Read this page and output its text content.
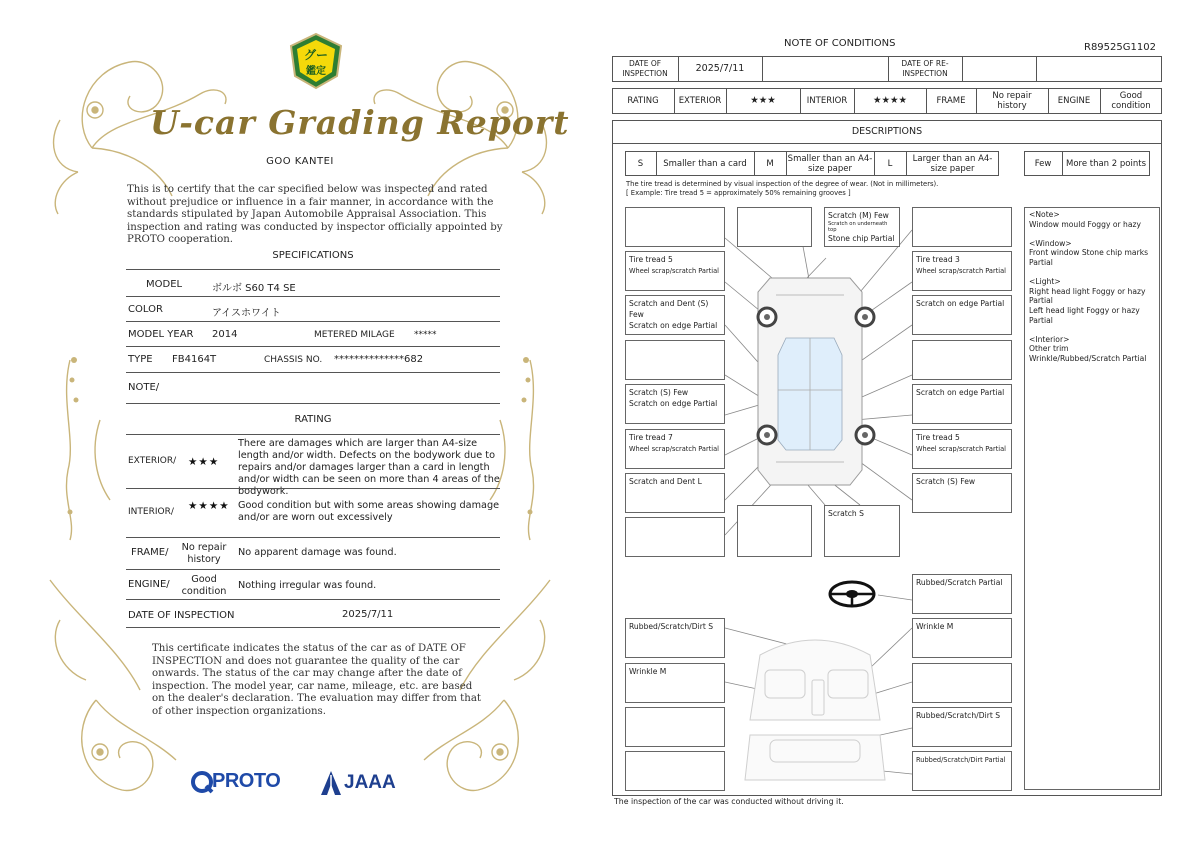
グー
鑑定
U-car Grading Report
GOO KANTEI
This is to certify that the car specified below was inspected and rated without prejudice or influence in a fair manner, in accordance with the standards stipulated by Japan Automobile Appraisal Association. This inspection and rating was conducted by inspector officially appointed by PROTO cooperation.
SPECIFICATIONS
MODEL	ボルボ S60 T4 SE
COLOR	アイスホワイト
MODEL YEAR 2014	METERED MILAGE *****
TYPE FB4164T	CHASSIS NO. **************682
NOTE/
RATING
EXTERIOR/ ★★★
There are damages which are larger than A4-size length and/or width. Defects on the bodywork due to repairs and/or damages larger than a card in length and/or width can be seen on more than 4 areas of the bodywork.
INTERIOR/ ★★★★ Good condition but with some areas showing damage and/or are worn out excessively
FRAME/	No repair history
No apparent damage was found.
ENGINE/	Good condition
Nothing irregular was found.
DATE OF INSPECTION	2025/7/11
This certificate indicates the status of the car as of DATE OF INSPECTION and does not guarantee the quality of the car onwards. The status of the car may change after the date of inspection. The model year, car name, mileage, etc. are based on the dealer's declaration. The evaluation may differ from that of other inspection organizations.
PROTO	JAAA
NOTE OF CONDITIONS	R89525G1102
DATE OF INSPECTION	2025/7/11	DATE OF RE-INSPECTION
RATING	EXTERIOR	★★★	INTERIOR	★★★★	FRAME	No repair history	ENGINE	Good condition
DESCRIPTIONS
S	Smaller than a card	M	Smaller than an A4-size paper	L	Larger than an A4-size paper	Few	More than 2 points
The tire tread is determined by visual inspection of the degree of wear. (Not in millimeters).
[ Example: Tire tread 5 = approximately 50% remaining grooves ]
Scratch (M) Few
Scratch on underneath top
Stone chip Partial
Tire tread 5
Wheel scrap/scratch Partial
Tire tread 3
Wheel scrap/scratch Partial
Scratch and Dent (S) Few
Scratch on edge Partial
Scratch on edge Partial
Scratch (S) Few
Scratch on edge Partial
Scratch on edge Partial
Tire tread 7
Wheel scrap/scratch Partial
Tire tread 5
Wheel scrap/scratch Partial
Scratch and Dent L	Scratch (S) Few
Scratch S
Rubbed/Scratch Partial
Rubbed/Scratch/Dirt S	Wrinkle M
Wrinkle M
Rubbed/Scratch/Dirt S
Rubbed/Scratch/Dirt Partial

<Note>
Window mould Foggy or hazy

<Window>
Front window Stone chip marks Partial

<Light>
Right head light Foggy or hazy Partial
Left head light Foggy or hazy Partial

<Interior>
Other trim Wrinkle/Rubbed/Scratch Partial

The inspection of the car was conducted without driving it.
